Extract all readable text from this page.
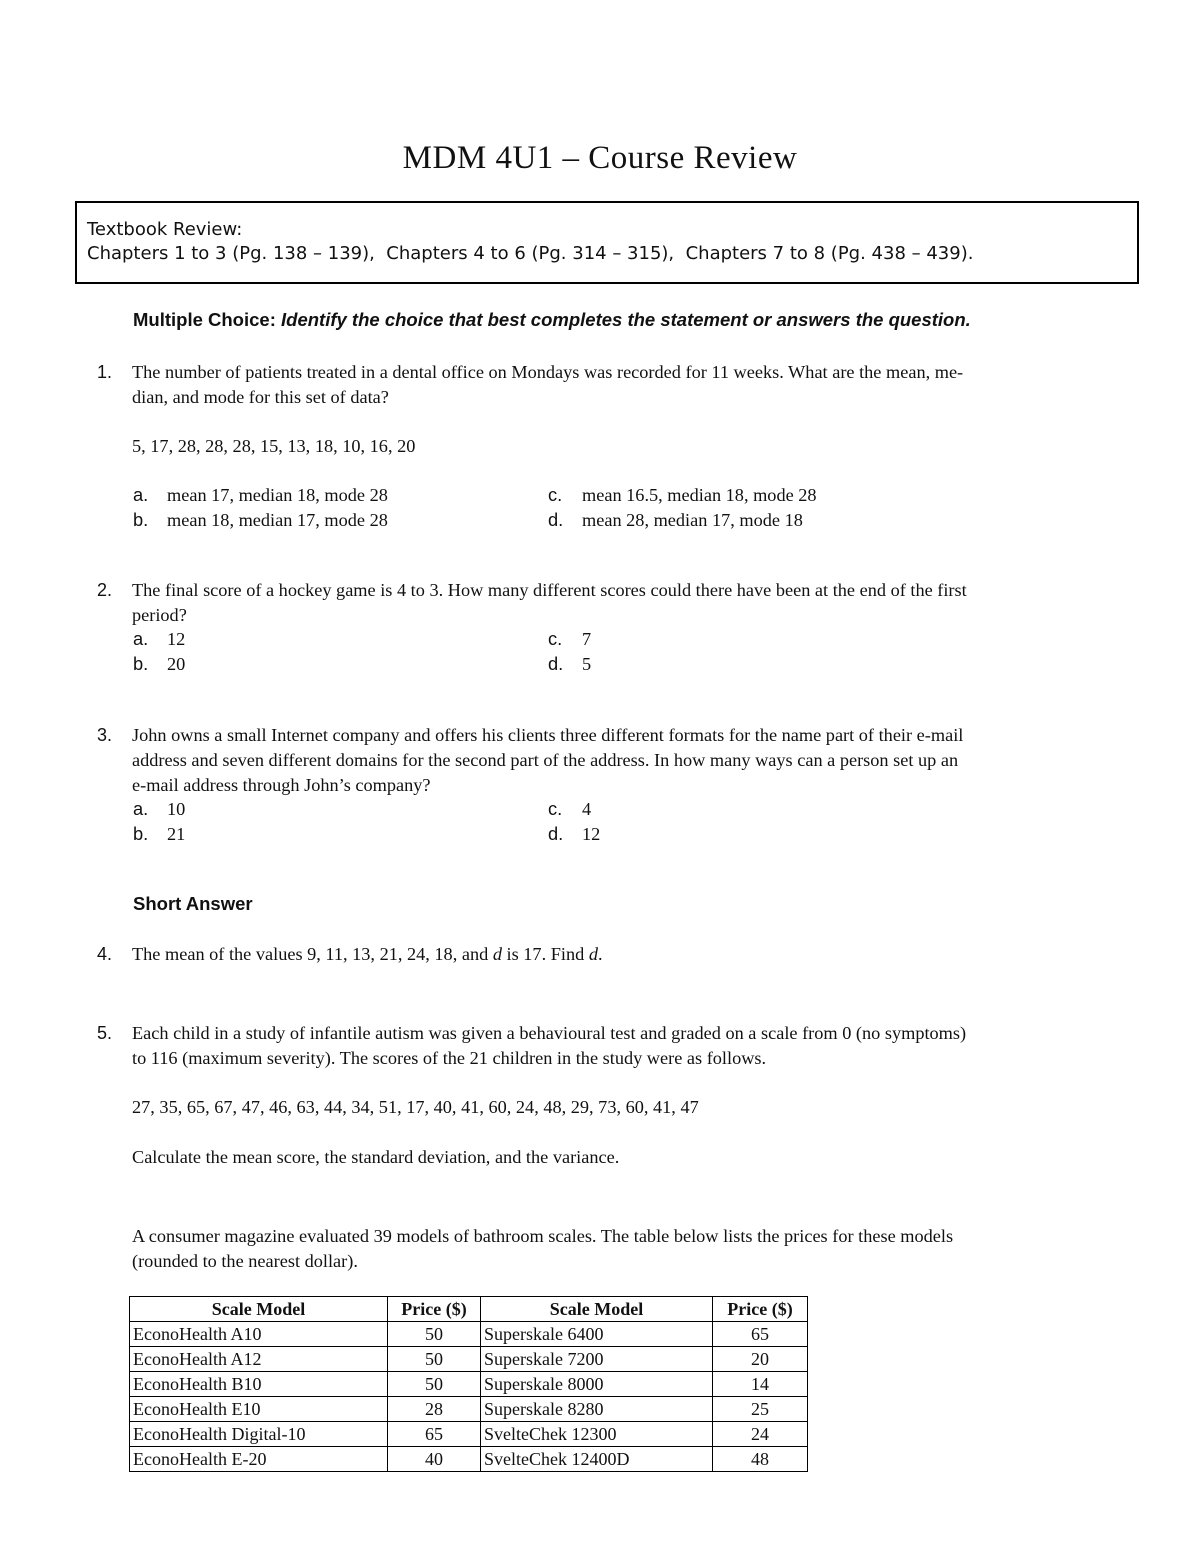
MDM 4U1 – Course Review
Textbook Review:
Chapters 1 to 3 (Pg. 138 – 139),  Chapters 4 to 6 (Pg. 314 – 315),  Chapters 7 to 8 (Pg. 438 – 439).
Multiple Choice: Identify the choice that best completes the statement or answers the question.
1. The number of patients treated in a dental office on Mondays was recorded for 11 weeks. What are the mean, me-
dian, and mode for this set of data?
5, 17, 28, 28, 28, 15, 13, 18, 10, 16, 20
a. mean 17, median 18, mode 28
b. mean 18, median 17, mode 28
c. mean 16.5, median 18, mode 28
d. mean 28, median 17, mode 18
2. The final score of a hockey game is 4 to 3. How many different scores could there have been at the end of the first
period?
a. 12
b. 20
c. 7
d. 5
3. John owns a small Internet company and offers his clients three different formats for the name part of their e-mail
address and seven different domains for the second part of the address. In how many ways can a person set up an
e-mail address through John’s company?
a. 10
b. 21
c. 4
d. 12
Short Answer
4. The mean of the values 9, 11, 13, 21, 24, 18, and d is 17. Find d.
5. Each child in a study of infantile autism was given a behavioural test and graded on a scale from 0 (no symptoms)
to 116 (maximum severity). The scores of the 21 children in the study were as follows.
27, 35, 65, 67, 47, 46, 63, 44, 34, 51, 17, 40, 41, 60, 24, 48, 29, 73, 60, 41, 47
Calculate the mean score, the standard deviation, and the variance.
A consumer magazine evaluated 39 models of bathroom scales. The table below lists the prices for these models
(rounded to the nearest dollar).
Scale Model	Price ($)	Scale Model	Price ($)
EconoHealth A10	50	Superskale 6400	65
EconoHealth A12	50	Superskale 7200	20
EconoHealth B10	50	Superskale 8000	14
EconoHealth E10	28	Superskale 8280	25
EconoHealth Digital-10	65	SvelteChek 12300	24
EconoHealth E-20	40	SvelteChek 12400D	48
